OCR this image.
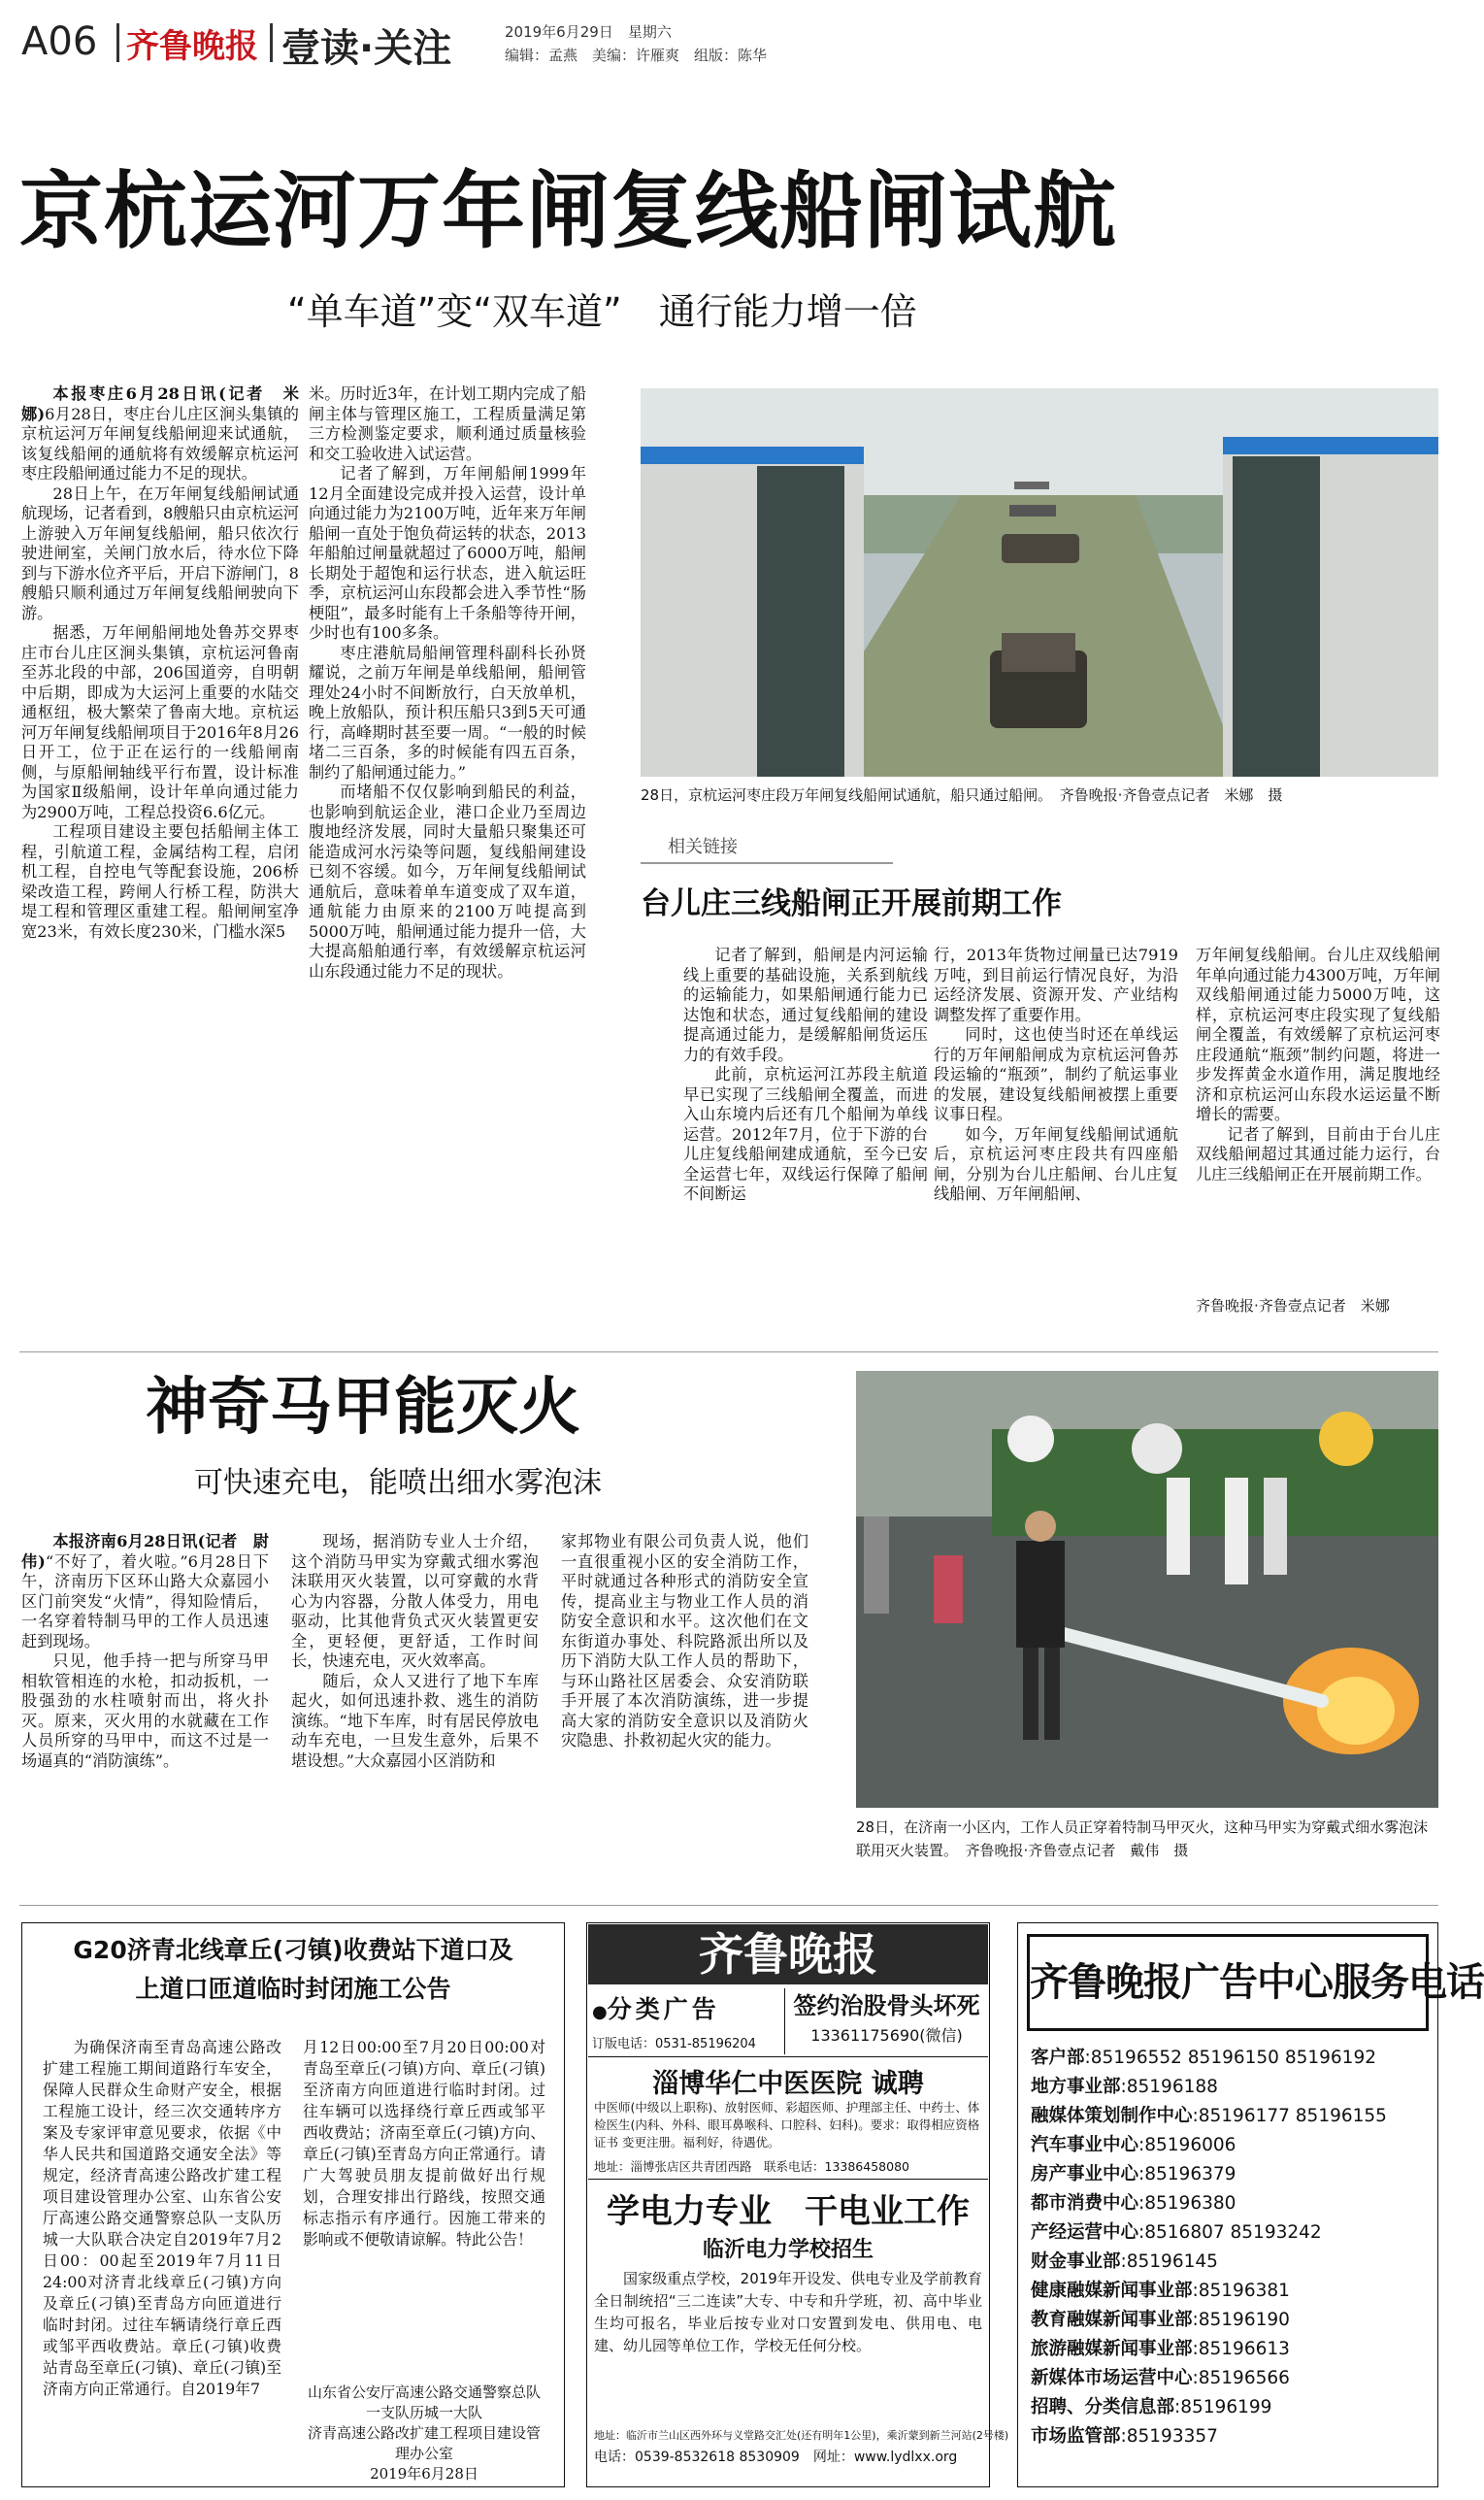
A06 齐鲁晚报 壹读·关注	2019年6月29日　 星期六
编辑：孟燕　美编：许雁爽　组版：陈华
京杭运河万年闸复线船闸试航
“单车道”变“双车道”　通行能力增一倍

本报枣庄6月28日讯(记者　米娜)6月28日，枣庄台儿庄区涧头集镇的京杭运河万年闸复线船闸迎来试通航，该复线船闸的通航将有效缓解京杭运河枣庄段船闸通过能力不足的现状。

28日上午，在万年闸复线船闸试通航现场，记者看到，8艘船只由京杭运河上游驶入万年闸复线船闸，船只依次行驶进闸室，关闸门放水后，待水位下降到与下游水位齐平后，开启下游闸门，8艘船只顺利通过万年闸复线船闸驶向下游。

据悉，万年闸船闸地处鲁苏交界枣庄市台儿庄区涧头集镇，京杭运河鲁南至苏北段的中部，206国道旁，自明朝中后期，即成为大运河上重要的水陆交通枢纽，极大繁荣了鲁南大地。京杭运河万年闸复线船闸项目于2016年8月26日开工，位于正在运行的一线船闸南侧，与原船闸轴线平行布置，设计标准为国家Ⅱ级船闸，设计年单向通过能力为2900万吨，工程总投资6.6亿元。

工程项目建设主要包括船闸主体工程，引航道工程，金属结构工程，启闭机工程，自控电气等配套设施，206桥梁改造工程，跨闸人行桥工程，防洪大堤工程和管理区重建工程。船闸闸室净宽23米，有效长度230米，门槛水深5

米。历时近3年，在计划工期内完成了船闸主体与管理区施工，工程质量满足第三方检测鉴定要求，顺利通过质量核验和交工验收进入试运营。

记者了解到，万年闸船闸1999年12月全面建设完成并投入运营，设计单向通过能力为2100万吨，近年来万年闸船闸一直处于饱负荷运转的状态，2013年船舶过闸量就超过了6000万吨，船闸长期处于超饱和运行状态，进入航运旺季，京杭运河山东段都会进入季节性“肠梗阻”，最多时能有上千条船等待开闸，少时也有100多条。

枣庄港航局船闸管理科副科长孙贤耀说，之前万年闸是单线船闸，船闸管理处24小时不间断放行，白天放单机，晚上放船队，预计积压船只3到5天可通行，高峰期时甚至要一周。“一般的时候堵二三百条，多的时候能有四五百条，制约了船闸通过能力。”

而堵船不仅仅影响到船民的利益，也影响到航运企业，港口企业乃至周边腹地经济发展，同时大量船只聚集还可能造成河水污染等问题，复线船闸建设已刻不容缓。如今，万年闸复线船闸试通航后，意味着单车道变成了双车道，通航能力由原来的2100万吨提高到5000万吨，船闸通过能力提升一倍，大大提高船舶通行率，有效缓解京杭运河山东段通过能力不足的现状。

28日，京杭运河枣庄段万年闸复线船闸试通航，船只通过船闸。　齐鲁晚报·齐鲁壹点记者　米娜　摄
相关链接
台儿庄三线船闸正开展前期工作

记者了解到，船闸是内河运输线上重要的基础设施，关系到航线的运输能力，如果船闸通行能力已达饱和状态，通过复线船闸的建设提高通过能力，是缓解船闸货运压力的有效手段。

此前，京杭运河江苏段主航道早已实现了三线船闸全覆盖，而进入山东境内后还有几个船闸为单线运营。2012年7月，位于下游的台儿庄复线船闸建成通航，至今已安全运营七年，双线运行保障了船闸不间断运

行，2013年货物过闸量已达7919万吨，到目前运行情况良好，为沿运经济发展、资源开发、产业结构调整发挥了重要作用。

同时，这也使当时还在单线运行的万年闸船闸成为京杭运河鲁苏段运输的“瓶颈”，制约了航运事业的发展，建设复线船闸被摆上重要议事日程。

如今，万年闸复线船闸试通航后，京杭运河枣庄段共有四座船闸，分别为台儿庄船闸、台儿庄复线船闸、万年闸船闸、

万年闸复线船闸。台儿庄双线船闸年单向通过能力4300万吨，万年闸双线船闸通过能力5000万吨，这样，京杭运河枣庄段实现了复线船闸全覆盖，有效缓解了京杭运河枣庄段通航“瓶颈”制约问题，将进一步发挥黄金水道作用，满足腹地经济和京杭运河山东段水运运量不断增长的需要。

记者了解到，目前由于台儿庄双线船闸超过其通过能力运行，台儿庄三线船闸正在开展前期工作。

齐鲁晚报·齐鲁壹点记者　米娜
神奇马甲能灭火
可快速充电，能喷出细水雾泡沫

本报济南6月28日讯(记者　尉伟)“不好了，着火啦。”6月28日下午，济南历下区环山路大众嘉园小区门前突发“火情”，得知险情后，一名穿着特制马甲的工作人员迅速赶到现场。

只见，他手持一把与所穿马甲相软管相连的水枪，扣动扳机，一股强劲的水柱喷射而出，将火扑灭。原来，灭火用的水就藏在工作人员所穿的马甲中，而这不过是一场逼真的“消防演练”。

现场，据消防专业人士介绍，这个消防马甲实为穿戴式细水雾泡沫联用灭火装置，以可穿戴的水背心为内容器，分散人体受力，用电驱动，比其他背负式灭火装置更安全，更轻便，更舒适，工作时间长，快速充电，灭火效率高。

随后，众人又进行了地下车库起火，如何迅速扑救、逃生的消防演练。“地下车库，时有居民停放电动车充电，一旦发生意外，后果不堪设想。”大众嘉园小区消防和

家邦物业有限公司负责人说，他们一直很重视小区的安全消防工作，平时就通过各种形式的消防安全宣传，提高业主与物业工作人员的消防安全意识和水平。这次他们在文东街道办事处、科院路派出所以及历下消防大队工作人员的帮助下，与环山路社区居委会、众安消防联手开展了本次消防演练，进一步提高大家的消防安全意识以及消防火灾隐患、扑救初起火灾的能力。

28日，在济南一小区内，工作人员正穿着特制马甲灭火，这种马甲实为穿戴式细水雾泡沫联用灭火装置。　齐鲁晚报·齐鲁壹点记者　戴伟　摄
G20济青北线章丘(刁镇)收费站下道口及
上道口匝道临时封闭施工公告

为确保济南至青岛高速公路改扩建工程施工期间道路行车安全，保障人民群众生命财产安全，根据工程施工设计，经三次交通转序方案及专家评审意见要求，依据《中华人民共和国道路交通安全法》等规定，经济青高速公路改扩建工程项目建设管理办公室、山东省公安厅高速公路交通警察总队一支队历城一大队联合决定自2019年7月2日00：00起至2019年7月11日24:00对济青北线章丘(刁镇)方向及章丘(刁镇)至青岛方向匝道进行临时封闭。过往车辆请绕行章丘西或邹平西收费站。章丘(刁镇)收费站青岛至章丘(刁镇)、章丘(刁镇)至济南方向正常通行。自2019年7

月12日00:00至7月20日00:00对青岛至章丘(刁镇)方向、章丘(刁镇)至济南方向匝道进行临时封闭。过往车辆可以选择绕行章丘西或邹平西收费站；济南至章丘(刁镇)方向、章丘(刁镇)至青岛方向正常通行。请广大驾驶员朋友提前做好出行规划，合理安排出行路线，按照交通标志指示有序通行。因施工带来的影响或不便敬请谅解。特此公告！

山东省公安厅高速公路交通警察总队一支队历城一大队
济青高速公路改扩建工程项目建设管理办公室
2019年6月28日
齐鲁晚报
●分类广告
订版电话：0531-85196204
签约治股骨头坏死
13361175690(微信)
淄博华仁中医医院 诚聘
中医师(中级以上职称)、放射医师、彩超医师、护理部主任、中药士、体检医生(内科、外科、眼耳鼻喉科、口腔科、妇科)。要求：取得相应资格证书 变更注册。福利好，待遇优。
地址：淄博张店区共青团西路　联系电话：13386458080
学电力专业　干电业工作
临沂电力学校招生
国家级重点学校，2019年开设发、供电专业及学前教育全日制统招“三二连读”大专、中专和升学班，初、高中毕业生均可报名，毕业后按专业对口安置到发电、供用电、电建、幼儿园等单位工作，学校无任何分校。
地址：临沂市兰山区西外环与义堂路交汇处(还有明年1公里)，乘沂蒙到新兰河站(2号楼)
电话：0539-8532618 8530909　网址：www.lydlxx.org
齐鲁晚报广告中心服务电话
客户部:85196552 85196150 85196192
地方事业部:85196188
融媒体策划制作中心:85196177 85196155
汽车事业中心:85196006
房产事业中心:85196379
都市消费中心:85196380
产经运营中心:8516807 85193242
财金事业部:85196145
健康融媒新闻事业部:85196381
教育融媒新闻事业部:85196190
旅游融媒新闻事业部:85196613
新媒体市场运营中心:85196566
招聘、分类信息部:85196199
市场监管部:85193357
